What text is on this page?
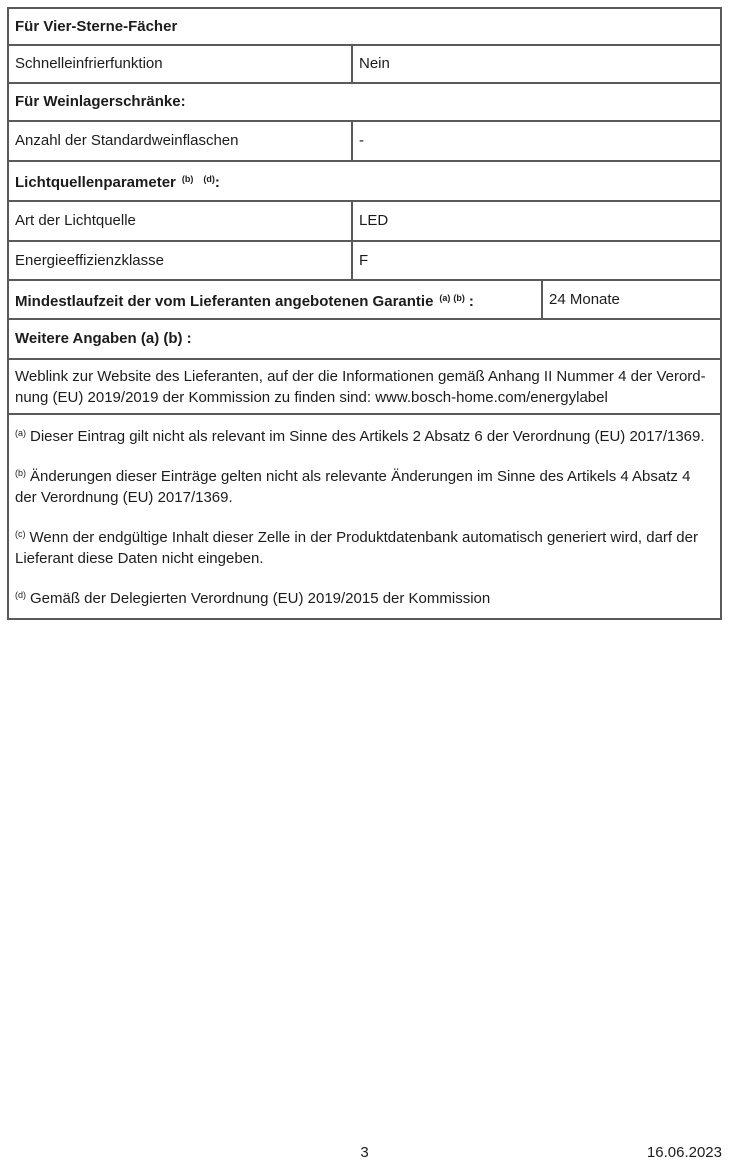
Für Vier-Sterne-Fächer
Schnelleinfrierfunktion	Nein
Für Weinlagerschränke:
Anzahl der Standardweinflaschen	-
Lichtquellenparameter $^{(b)}$ $^{(d)}$:
Art der Lichtquelle	LED
Energieeffizienzklasse	F
Mindestlaufzeit der vom Lieferanten angebotenen Garantie $^{(a)}$ $^{(b)}$ :	24 Monate
Weitere Angaben (a) (b) :
Weblink zur Website des Lieferanten, auf der die Informationen gemäß Anhang II Nummer 4 der Verordnung (EU) 2019/2019 der Kommission zu finden sind: www.bosch-home.com/energylabel

$^{(a)}$ Dieser Eintrag gilt nicht als relevant im Sinne des Artikels 2 Absatz 6 der Verordnung (EU) 2017/1369.

$^{(b)}$ Änderungen dieser Einträge gelten nicht als relevante Änderungen im Sinne des Artikels 4 Absatz 4 der Verordnung (EU) 2017/1369.

$^{(c)}$ Wenn der endgültige Inhalt dieser Zelle in der Produktdatenbank automatisch generiert wird, darf der Lieferant diese Daten nicht eingeben.

$^{(d)}$ Gemäß der Delegierten Verordnung (EU) 2019/2015 der Kommission

3	16.06.2023
